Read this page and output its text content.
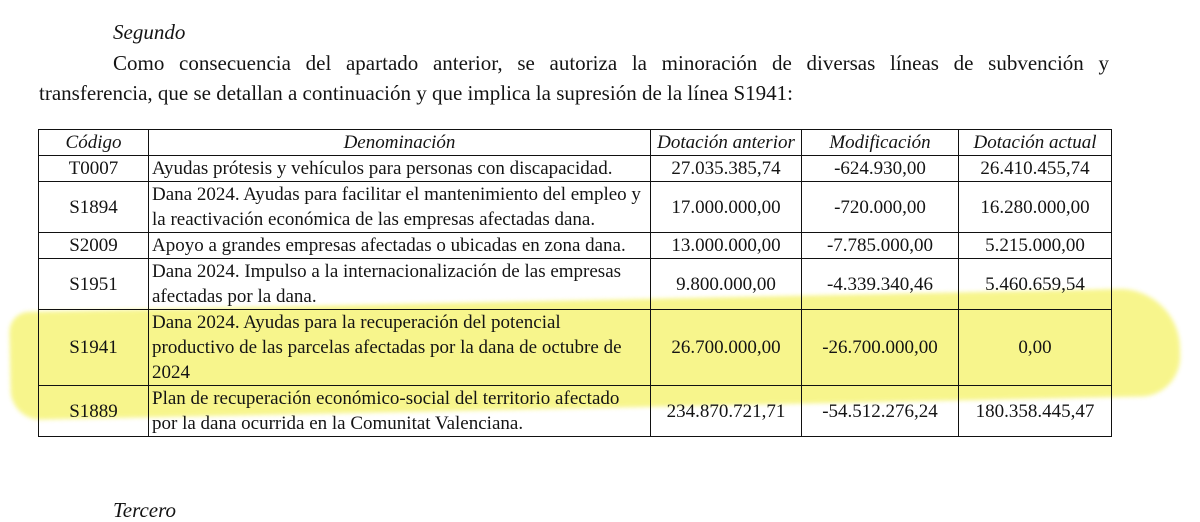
Segundo
Como consecuencia del apartado anterior, se autoriza la minoración de diversas líneas de subvención y
transferencia, que se detallan a continuación y que implica la supresión de la línea S1941:
Código	Denominación	Dotación anterior	Modificación	Dotación actual
T0007	Ayudas prótesis y vehículos para personas con discapacidad.	27.035.385,74	-624.930,00	26.410.455,74
S1894	Dana 2024. Ayudas para facilitar el mantenimiento del empleo y la reactivación económica de las empresas afectadas dana.	17.000.000,00	-720.000,00	16.280.000,00
S2009	Apoyo a grandes empresas afectadas o ubicadas en zona dana.	13.000.000,00	-7.785.000,00	5.215.000,00
S1951	Dana 2024. Impulso a la internacionalización de las empresas afectadas por la dana.	9.800.000,00	-4.339.340,46	5.460.659,54
S1941	Dana 2024. Ayudas para la recuperación del potencial productivo de las parcelas afectadas por la dana de octubre de 2024	26.700.000,00	-26.700.000,00	0,00
S1889	Plan de recuperación económico-social del territorio afectado por la dana ocurrida en la Comunitat Valenciana.	234.870.721,71	-54.512.276,24	180.358.445,47
Tercero
